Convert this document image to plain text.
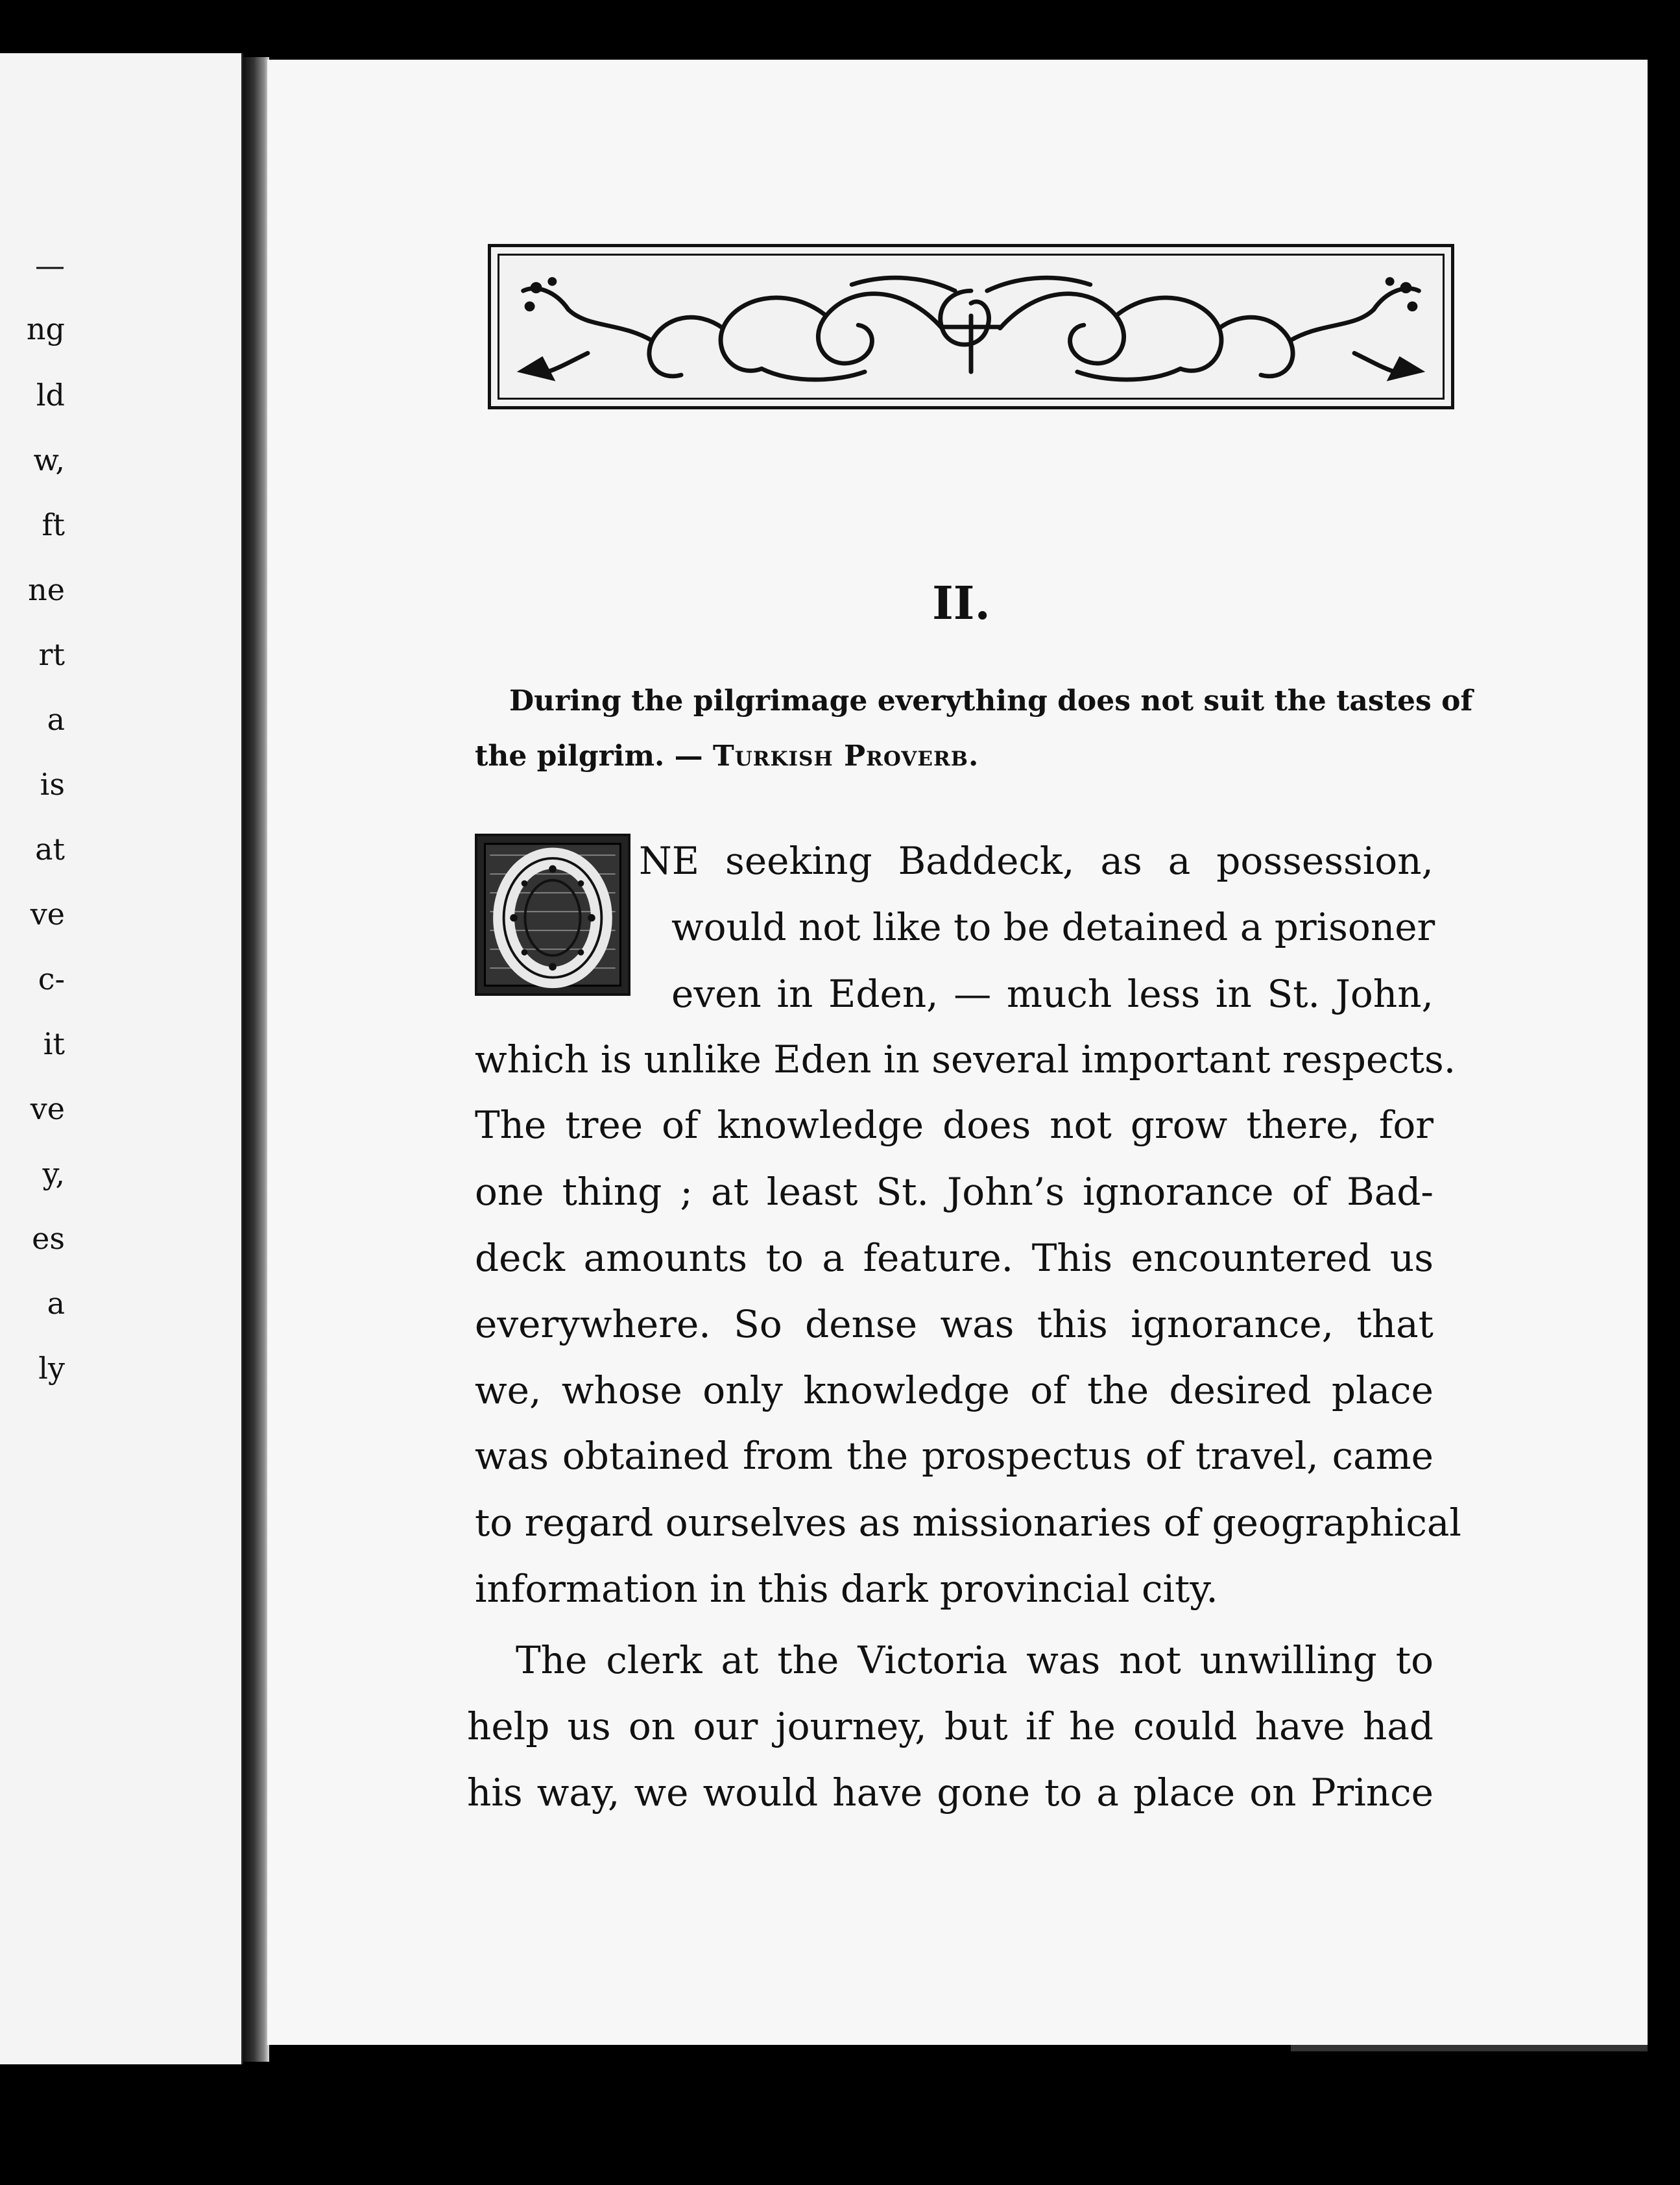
—
ng
ld
w,
ft
ne
rt
a
is
at
ve
c-
it
ve
y,
es
a
ly
II.
During the pilgrimage everything does not suit the tastes of
the pilgrim. — Turkish Proverb.
NE seeking Baddeck, as a possession,
would not like to be detained a prisoner
even in Eden, — much less in St. John,
which is unlike Eden in several important respects.
The tree of knowledge does not grow there, for
one thing ; at least St. John’s ignorance of Bad-
deck amounts to a feature. This encountered us
everywhere. So dense was this ignorance, that
we, whose only knowledge of the desired place
was obtained from the prospectus of travel, came
to regard ourselves as missionaries of geographical
information in this dark provincial city.
The clerk at the Victoria was not unwilling to
help us on our journey, but if he could have had
his way, we would have gone to a place on Prince
